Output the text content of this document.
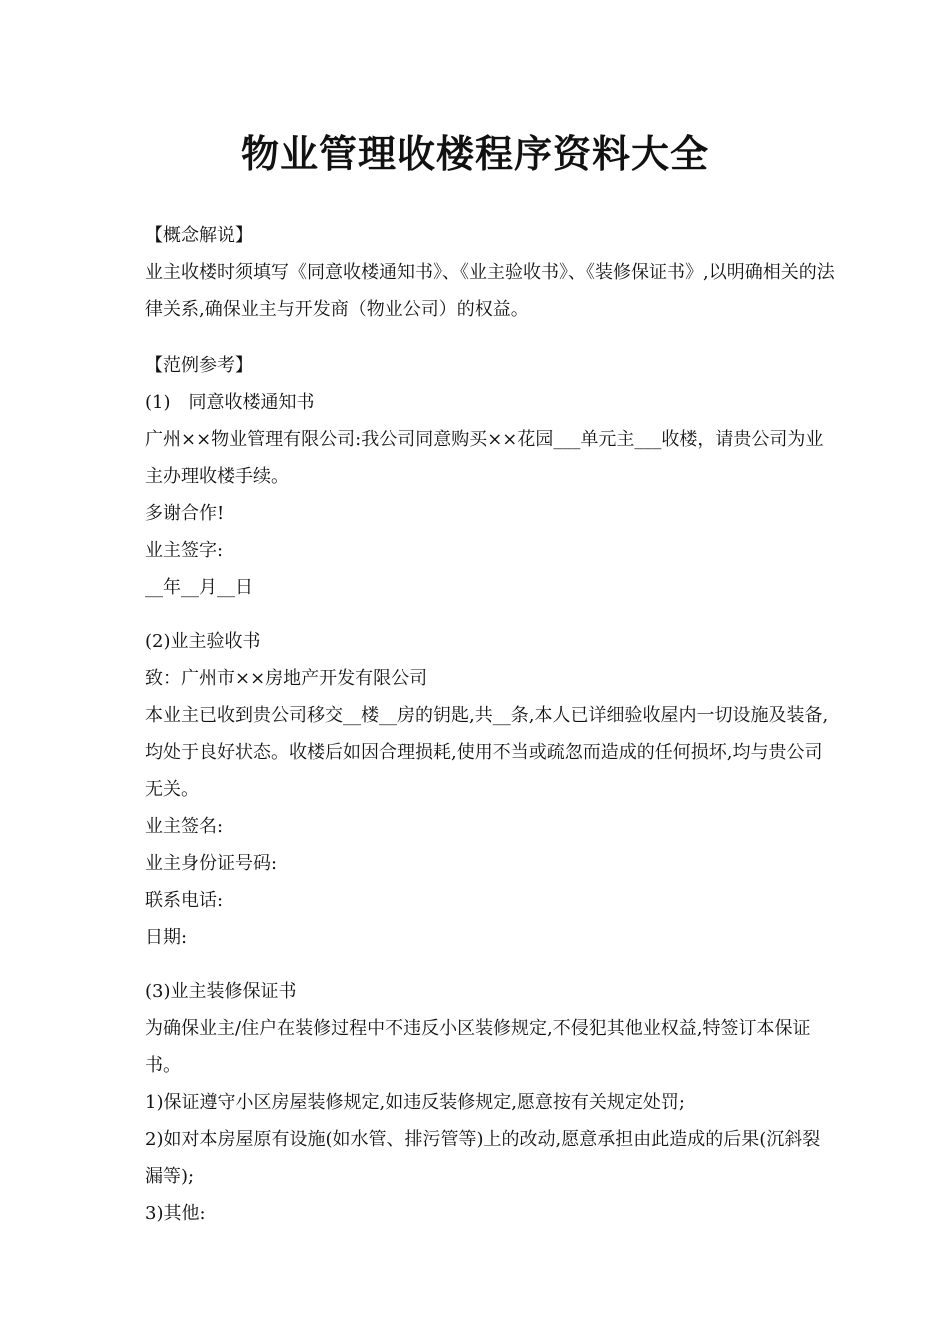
物业管理收楼程序资料大全

【概念解说】

业主收楼时须填写《同意收楼通知书》、《业主验收书》、《装修保证书》,以明确相关的法律关系,确保业主与开发商（物业公司）的权益。

【范例参考】

(1)　同意收楼通知书

广州××物业管理有限公司:我公司同意购买××花园___单元主___收楼，请贵公司为业主办理收楼手续。

多谢合作!

业主签字:

__年__月__日

(2)业主验收书

致：广州市××房地产开发有限公司

本业主已收到贵公司移交__楼__房的钥匙,共__条,本人已详细验收屋内一切设施及装备,均处于良好状态。收楼后如因合理损耗,使用不当或疏忽而造成的任何损坏,均与贵公司无关。

业主签名:

业主身份证号码:

联系电话:

日期:

(3)业主装修保证书

为确保业主/住户在装修过程中不违反小区装修规定,不侵犯其他业权益,特签订本保证书。

1)保证遵守小区房屋装修规定,如违反装修规定,愿意按有关规定处罚;

2)如对本房屋原有设施(如水管、排污管等)上的改动,愿意承担由此造成的后果(沉斜裂漏等);

3)其他:
